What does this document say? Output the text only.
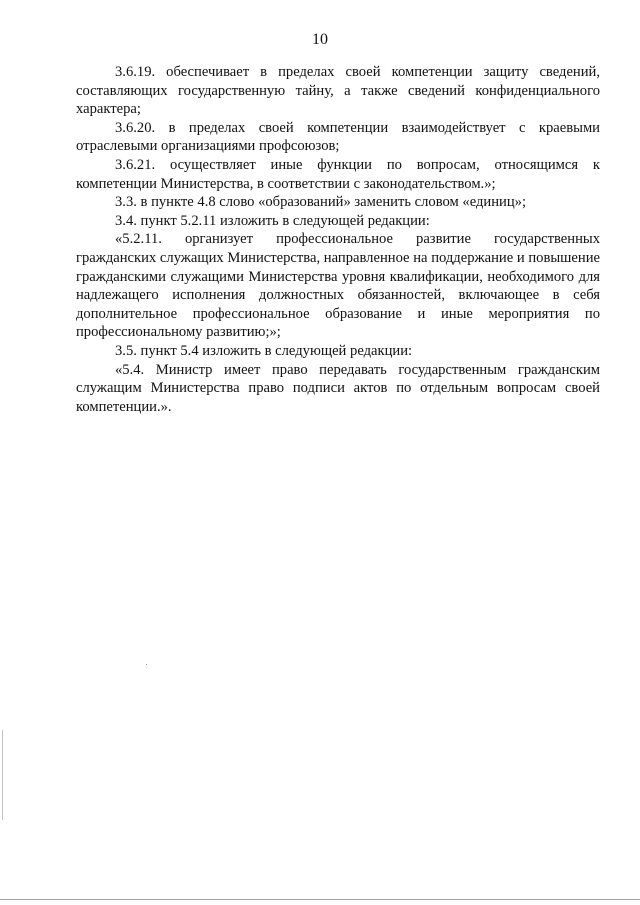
10

3.6.19. обеспечивает в пределах своей компетенции защиту сведений, составляющих государственную тайну, а также сведений конфиденциального характера;

3.6.20. в пределах своей компетенции взаимодействует с краевыми отраслевыми организациями профсоюзов;

3.6.21. осуществляет иные функции по вопросам, относящимся к компетенции Министерства, в соответствии с законодательством.»;

3.3. в пункте 4.8 слово «образований» заменить словом «единиц»;

3.4. пункт 5.2.11 изложить в следующей редакции:

«5.2.11. организует профессиональное развитие государственных гражданских служащих Министерства, направленное на поддержание и повышение гражданскими служащими Министерства уровня квалификации, необходимого для надлежащего исполнения должностных обязанностей, включающее в себя дополнительное профессиональное образование и иные мероприятия по профессиональному развитию;»;

3.5. пункт 5.4 изложить в следующей редакции:

«5.4. Министр имеет право передавать государственным гражданским служащим Министерства право подписи актов по отдельным вопросам своей компетенции.».
